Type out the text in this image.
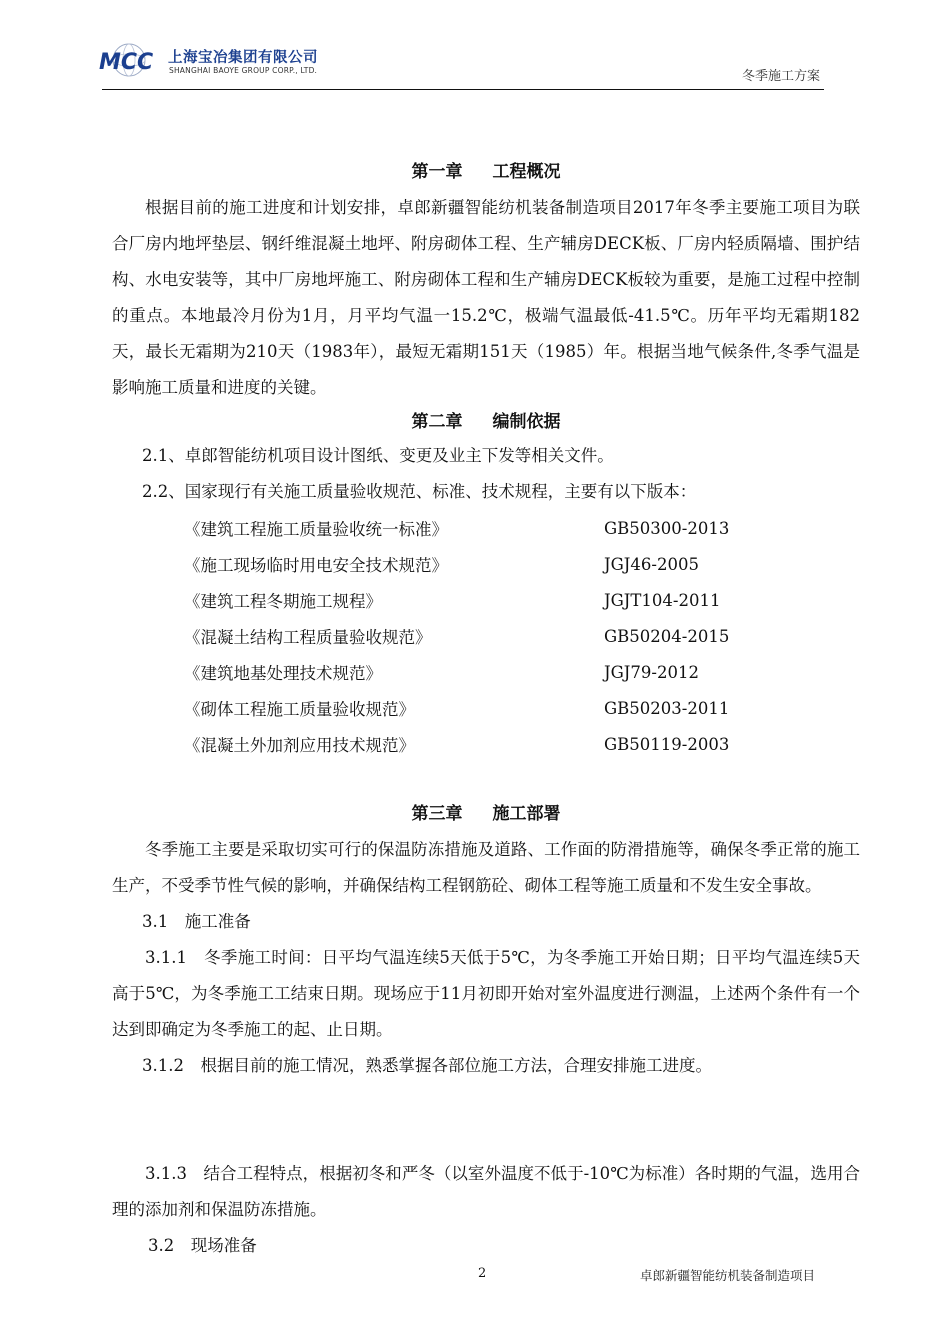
MCC 上海宝冶集团有限公司
SHANGHAI BAOYE GROUP CORP., LTD.	冬季施工方案
第一章 工程概况

根据目前的施工进度和计划安排，卓郎新疆智能纺机装备制造项目2017年冬季主要施工项目为联合厂房内地坪垫层、钢纤维混凝土地坪、附房砌体工程、生产辅房DECK板、厂房内轻质隔墙、围护结构、水电安装等，其中厂房地坪施工、附房砌体工程和生产辅房DECK板较为重要，是施工过程中控制的重点。本地最冷月份为1月，月平均气温一15.2℃，极端气温最低-41.5℃。历年平均无霜期182天，最长无霜期为210天（1983年），最短无霜期151天（1985）年。根据当地气候条件,冬季气温是影响施工质量和进度的关键。

第二章 编制依据
2.1、卓郎智能纺机项目设计图纸、变更及业主下发等相关文件。
2.2、国家现行有关施工质量验收规范、标准、技术规程，主要有以下版本：
《建筑工程施工质量验收统一标准》	GB50300-2013
《施工现场临时用电安全技术规范》	JGJ46-2005
《建筑工程冬期施工规程》	JGJT104-2011
《混凝土结构工程质量验收规范》	GB50204-2015
《建筑地基处理技术规范》	JGJ79-2012
《砌体工程施工质量验收规范》	GB50203-2011
《混凝土外加剂应用技术规范》	GB50119-2003
第三章 施工部署

冬季施工主要是采取切实可行的保温防冻措施及道路、工作面的防滑措施等，确保冬季正常的施工生产，不受季节性气候的影响，并确保结构工程钢筋砼、砌体工程等施工质量和不发生安全事故。

3.1　施工准备

3.1.1　冬季施工时间：日平均气温连续5天低于5℃，为冬季施工开始日期；日平均气温连续5天高于5℃，为冬季施工工结束日期。现场应于11月初即开始对室外温度进行测温，上述两个条件有一个达到即确定为冬季施工的起、止日期。

3.1.2　根据目前的施工情况，熟悉掌握各部位施工方法，合理安排施工进度。

3.1.3　结合工程特点，根据初冬和严冬（以室外温度不低于-10℃为标准）各时期的气温，选用合理的添加剂和保温防冻措施。

3.2　现场准备
2	卓郎新疆智能纺机装备制造项目
